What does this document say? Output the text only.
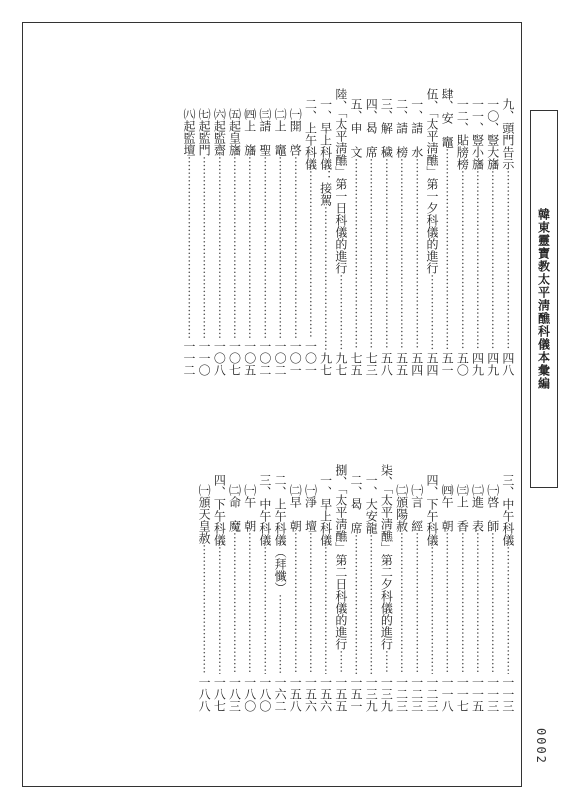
韓東靈寶教太平淸醮科儀本彙編
0002
九、頭門告示
·····
四八
一〇、豎大旛
·····
四九
一一、豎小旛
·····
四九
一二、貼牓榜
·····
五〇
肆、安　竈
·····
五一
伍、「太平淸醮」第一夕科儀的進行
·····
五四
一、請　水
·····
五四
二、請　榜
·····
五五
三、解　穢
·····
五八
四、曷　席
·····
七三
五、申　文
·····
七五
陸、「太平淸醮」第一日科儀的進行
·····
九七
一、早上科儀：接駕
·····
九七
二、上午科儀
·····
一〇一
㈠開　啓
·····
一〇一
㈡上　竈
·····
一〇二
㈢請　聖
·····
一〇二
㈣上　旛
·····
一〇五
㈤起皇旛
·····
一〇七
㈥起監齋
·····
一〇八
㈦起監門
·····
一一〇
㈧起監壇
·····
一一二
三、中午科儀
·····
一一三
㈠啓　師
·····
一一三
㈡進　表
·····
一一五
㈢上　香
·····
一一七
㈣午　朝
·····
一一八
四、下午科儀
·····
一二三
㈠言　經
·····
一二三
㈡頒陽赦
·····
一二三
柒、「太平淸醮」第二夕科儀的進行
·····
一三九
一、大安龍
·····
一三九
二、曷　席
·····
一五一
捌、「太平淸醮」第二日科儀的進行
·····
一五五
一、早上科儀
·····
一五六
㈠淨　壇
·····
一五六
㈡早　朝
·····
一五八
二、上午科儀（拜懺）
·····
一六二
三、中午科儀
·····
一八〇
㈠午　朝
·····
一八〇
㈡命　魔
·····
一八三
四、下午科儀
·····
一八七
㈠頒天皇赦
·····
一八八
